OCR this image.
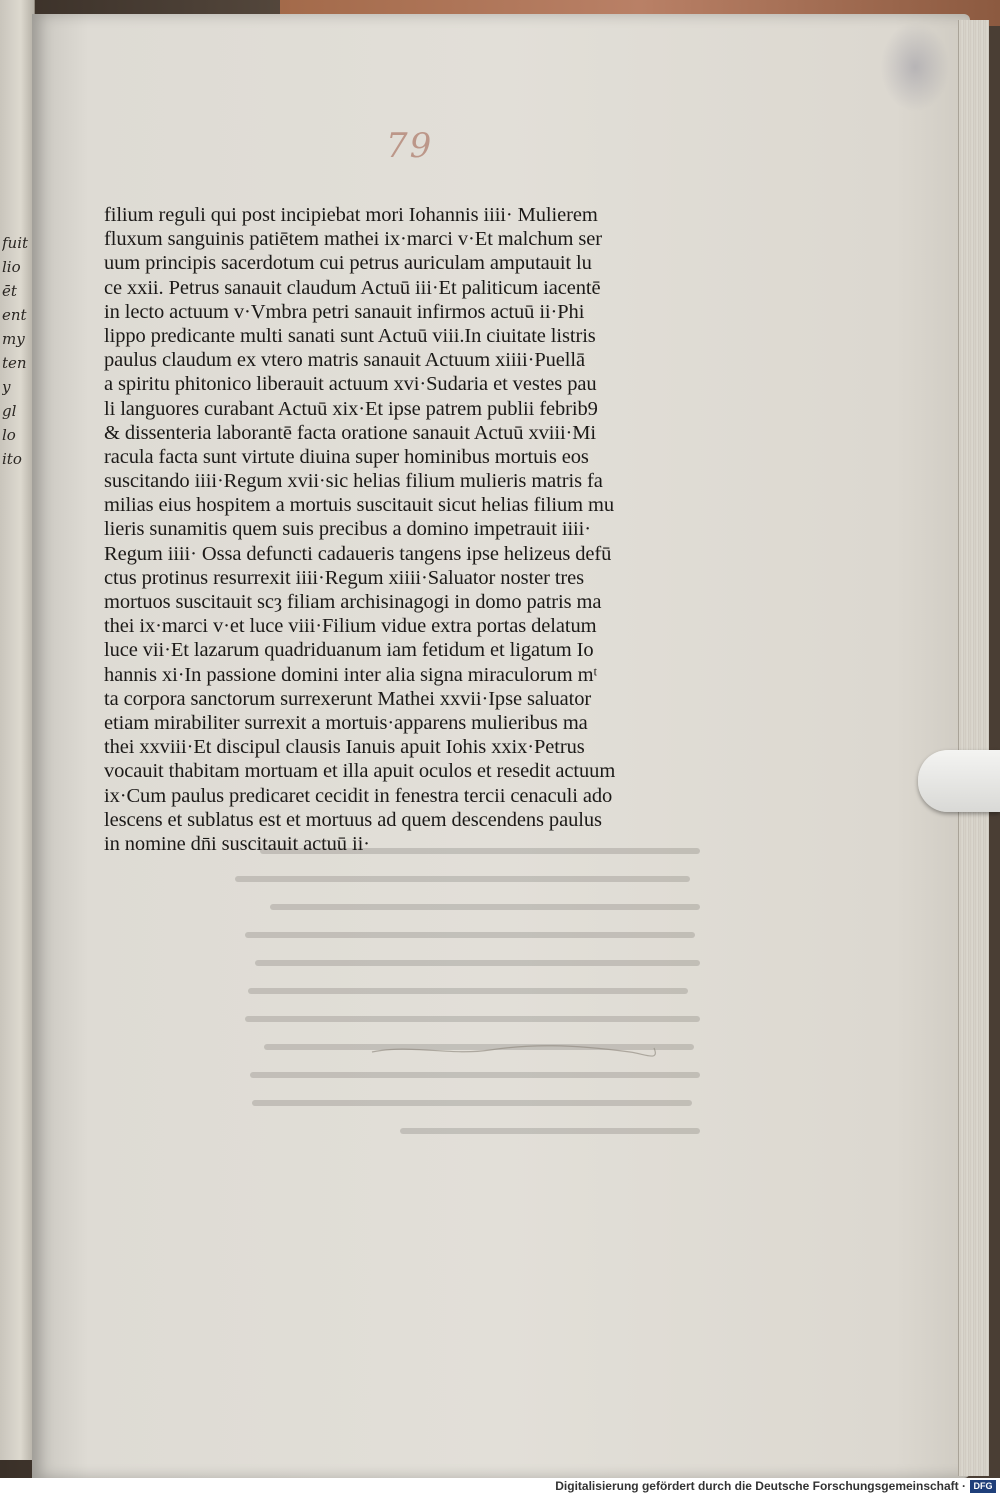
fuit
lio
ēt
ent
my
ten
y
gl
lo
ito
79
filium reguli qui post incipiebat mori Iohannis iiii· Mulierem
fluxum sanguinis patiētem mathei ix·marci v·Et malchum ser
uum principis sacerdotum cui petrus auriculam amputauit lu
ce xxii. Petrus sanauit claudum Actuū iii·Et paliticum iacentē
in lecto actuum v·Vmbra petri sanauit infirmos actuū ii·Phi
lippo predicante multi sanati sunt Actuū viii.In ciuitate listris
paulus claudum ex vtero matris sanauit Actuum xiiii·Puellā
a spiritu phitonico liberauit actuum xvi·Sudaria et vestes pau
li languores curabant Actuū xix·Et ipse patrem publii febrib9
& dissenteria laborantē facta oratione sanauit Actuū xviii·Mi
racula facta sunt virtute diuina super hominibus mortuis eos
suscitando iiii·Regum xvii·sic helias filium mulieris matris fa
milias eius hospitem a mortuis suscitauit sicut helias filium mu
lieris sunamitis quem suis precibus a domino impetrauit iiii·
Regum iiii· Ossa defuncti cadaueris tangens ipse helizeus defū
ctus protinus resurrexit iiii·Regum xiiii·Saluator noster tres
mortuos suscitauit scȝ filiam archisinagogi in domo patris ma
thei ix·marci v·et luce viii·Filium vidue extra portas delatum
luce vii·Et lazarum quadriduanum iam fetidum et ligatum Io
hannis xi·In passione domini inter alia signa miraculorum mᵗ
ta corpora sanctorum surrexerunt Mathei xxvii·Ipse saluator
etiam mirabiliter surrexit a mortuis·apparens mulieribus ma
thei xxviii·Et discipul clausis Ianuis apuit Iohis xxix·Petrus
vocauit thabitam mortuam et illa apuit oculos et resedit actuum
ix·Cum paulus predicaret cecidit in fenestra tercii cenaculi ado
lescens et sublatus est et mortuus ad quem descendens paulus
in nomine dn̄i suscitauit actuū ii·
Digitalisierung gefördert durch die Deutsche Forschungsgemeinschaft · DFG
